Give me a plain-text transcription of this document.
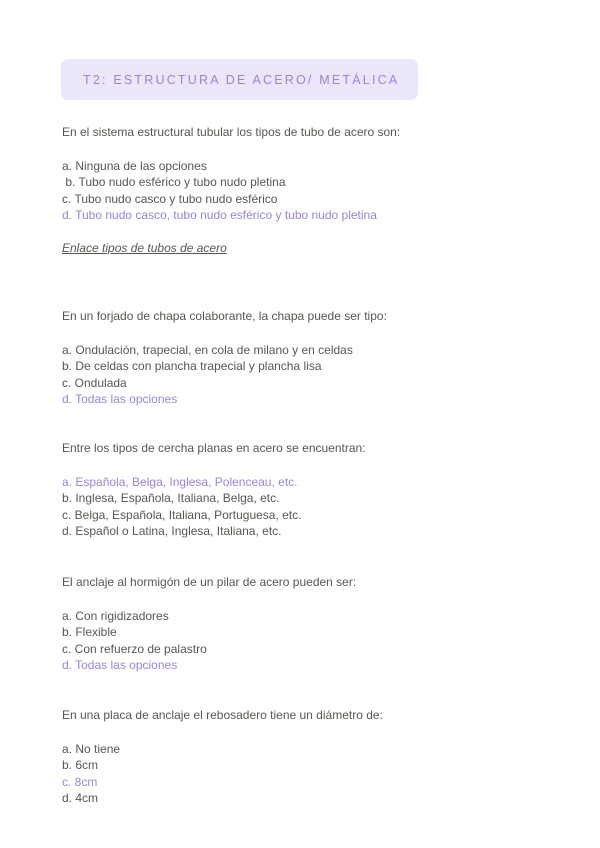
T2: ESTRUCTURA DE ACERO/ METÁLICA

En el sistema estructural tubular los tipos de tubo de acero son:

a. Ninguna de las opciones
b. Tubo nudo esférico y tubo nudo pletina
c. Tubo nudo casco y tubo nudo esférico
d. Tubo nudo casco, tubo nudo esférico y tubo nudo pletina
Enlace tipos de tubos de acero

En un forjado de chapa colaborante, la chapa puede ser tipo:

a. Ondulación, trapecial, en cola de milano y en celdas
b. De celdas con plancha trapecial y plancha lisa
c. Ondulada
d. Todas las opciones

Entre los tipos de cercha planas en acero se encuentran:

a. Española, Belga, Inglesa, Polenceau, etc.
b. Inglesa, Española, Italiana, Belga, etc.
c. Belga, Española, Italiana, Portuguesa, etc.
d. Español o Latina, Inglesa, Italiana, etc.

El anclaje al hormigón de un pilar de acero pueden ser:

a. Con rigidizadores
b. Flexible
c. Con refuerzo de palastro
d. Todas las opciones

En una placa de anclaje el rebosadero tiene un diámetro de:

a. No tiene
b. 6cm
c. 8cm
d. 4cm
